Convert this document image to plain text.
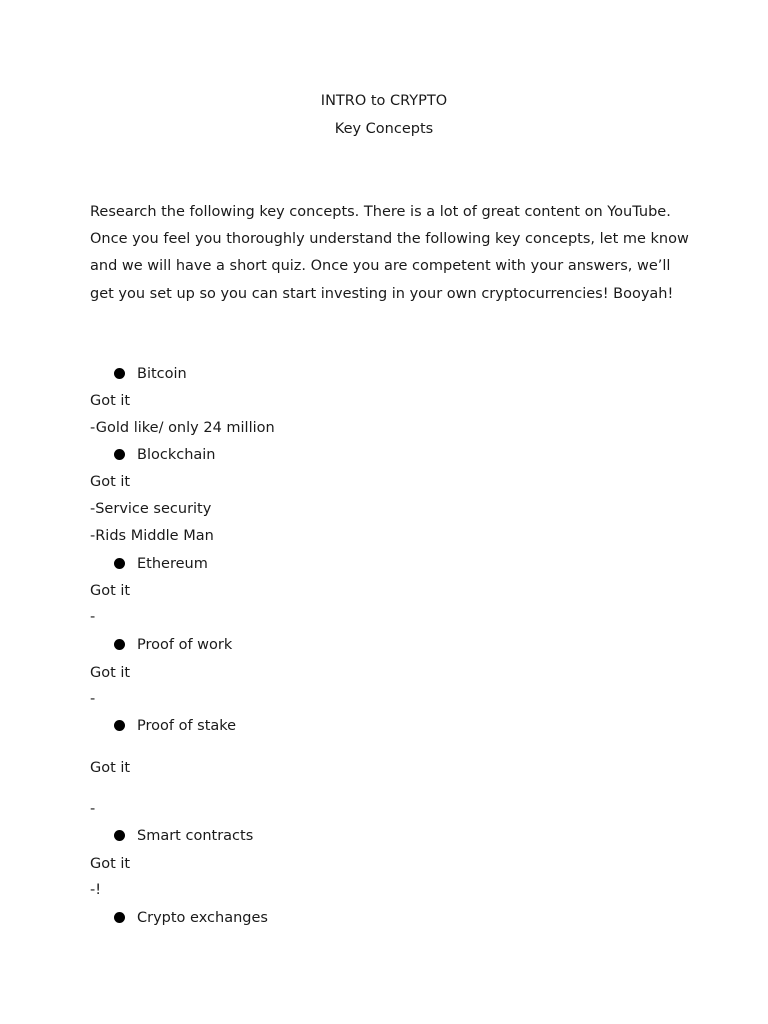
INTRO to CRYPTO
Key Concepts

Research the following key concepts. There is a lot of great content on YouTube. Once you feel you thoroughly understand the following key concepts, let me know and we will have a short quiz. Once you are competent with your answers, we’ll get you set up so you can start investing in your own cryptocurrencies! Booyah!

Bitcoin
Got it
-Gold like/ only 24 million
Blockchain
Got it
-Service security
-Rids Middle Man
Ethereum
Got it
-
Proof of work
Got it
-
Proof of stake
Got it
-
Smart contracts
Got it
-!
Crypto exchanges
